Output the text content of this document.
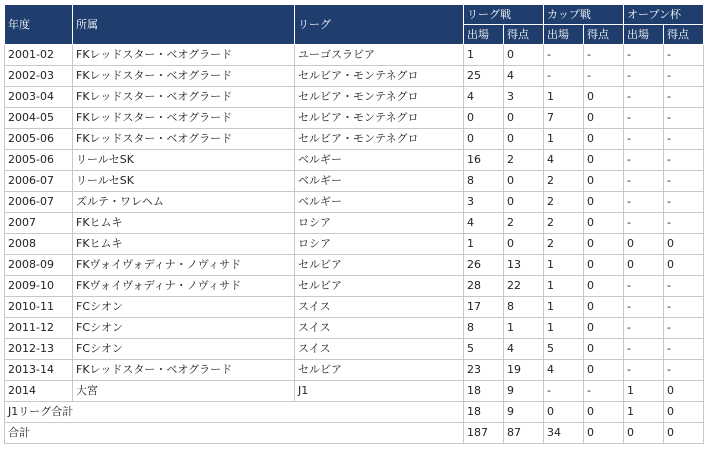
年度	所属	リーグ	リーグ戦		カップ戦		オープン杯	
			出場	得点	出場	得点	出場	得点
2001-02	FKレッドスター・ベオグラード	ユーゴスラビア	1	0	-	-	-	-
2002-03	FKレッドスター・ベオグラード	セルビア・モンテネグロ	25	4	-	-	-	-
2003-04	FKレッドスター・ベオグラード	セルビア・モンテネグロ	4	3	1	0	-	-
2004-05	FKレッドスター・ベオグラード	セルビア・モンテネグロ	0	0	7	0	-	-
2005-06	FKレッドスター・ベオグラード	セルビア・モンテネグロ	0	0	1	0	-	-
2005-06	リールセSK	ベルギー	16	2	4	0	-	-
2006-07	リールセSK	ベルギー	8	0	2	0	-	-
2006-07	ズルテ・ワレヘム	ベルギー	3	0	2	0	-	-
2007	FKヒムキ	ロシア	4	2	2	0	-	-
2008	FKヒムキ	ロシア	1	0	2	0	0	0
2008-09	FKヴォイヴォディナ・ノヴィサド	セルビア	26	13	1	0	0	0
2009-10	FKヴォイヴォディナ・ノヴィサド	セルビア	28	22	1	0	-	-
2010-11	FCシオン	スイス	17	8	1	0	-	-
2011-12	FCシオン	スイス	8	1	1	0	-	-
2012-13	FCシオン	スイス	5	4	5	0	-	-
2013-14	FKレッドスター・ベオグラード	セルビア	23	19	4	0	-	-
2014	大宮	J1	18	9	-	-	1	0
J1リーグ合計			18	9	0	0	1	0
合計			187	87	34	0	0	0
